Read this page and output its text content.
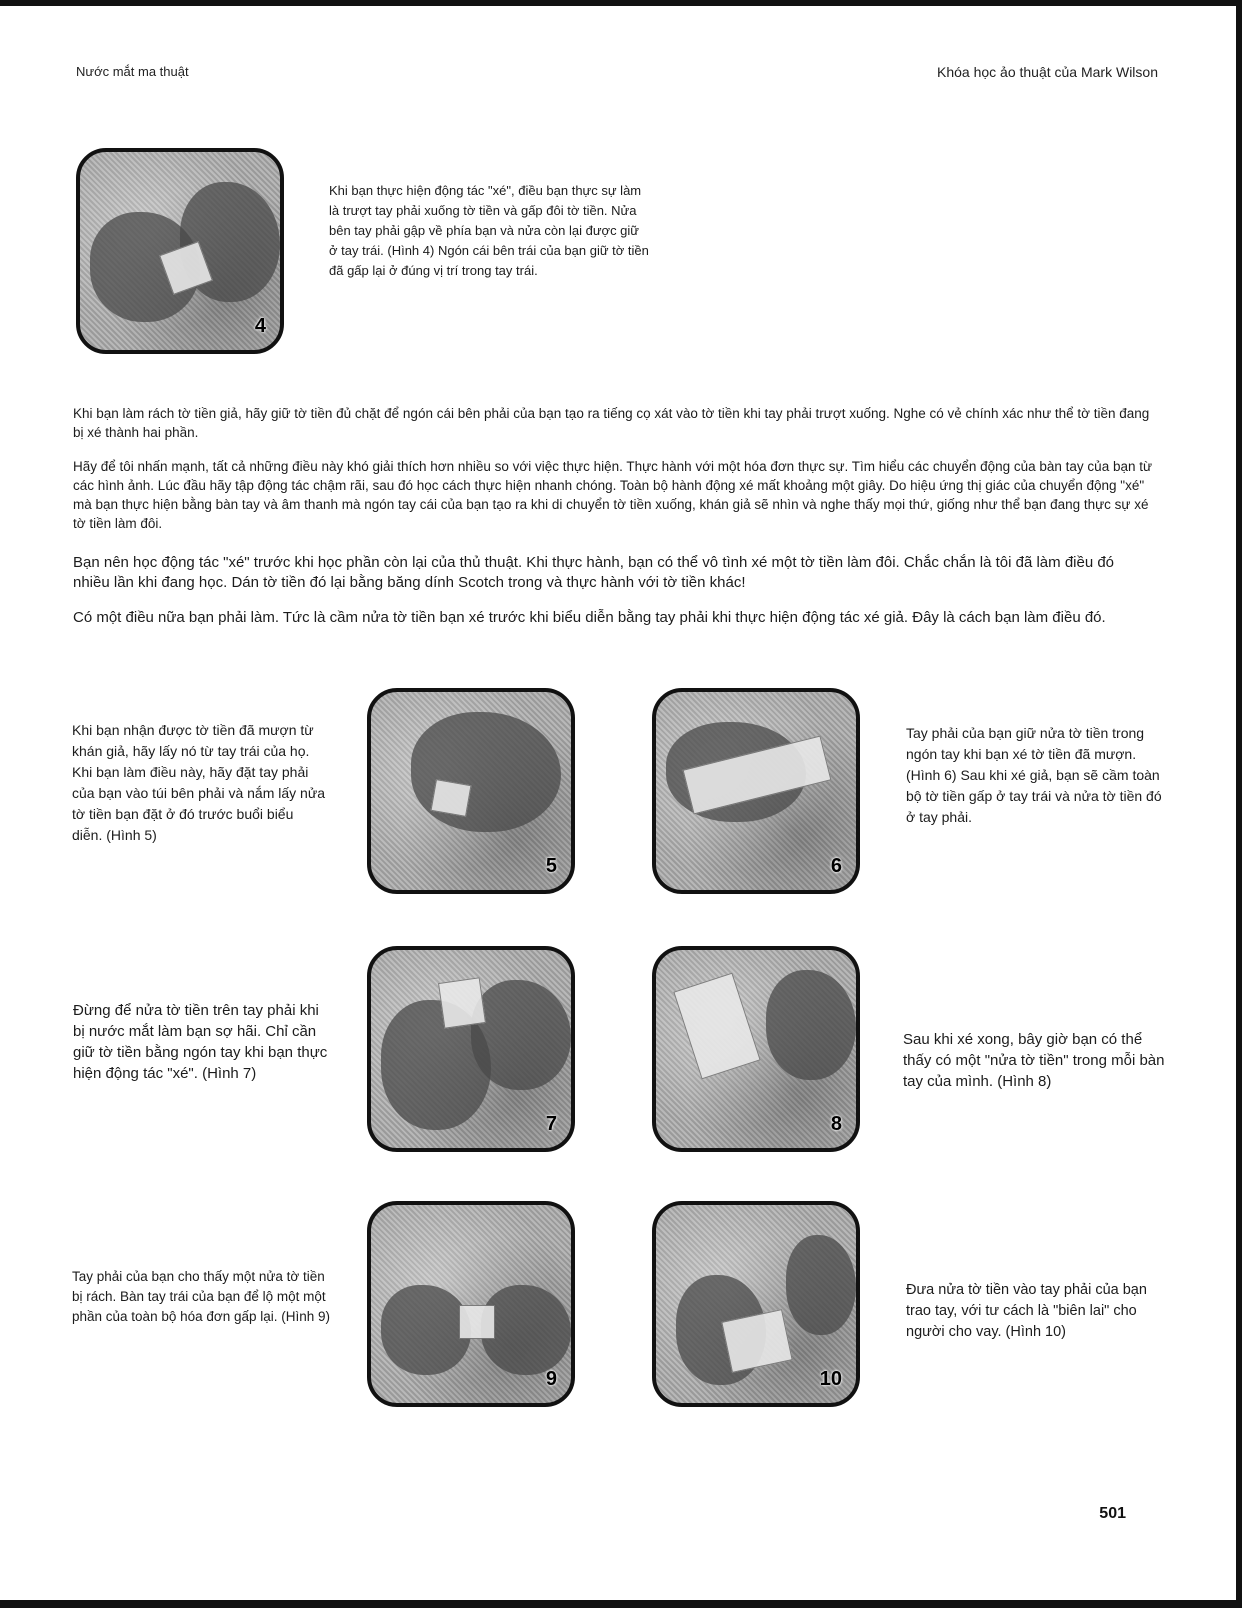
Nước mắt ma thuật	Khóa học ảo thuật của Mark Wilson
4

Khi bạn thực hiện động tác "xé", điều bạn thực sự làm là trượt tay phải xuống tờ tiền và gấp đôi tờ tiền. Nửa bên tay phải gập về phía bạn và nửa còn lại được giữ ở tay trái. (Hình 4) Ngón cái bên trái của bạn giữ tờ tiền đã gấp lại ở đúng vị trí trong tay trái.

Khi bạn làm rách tờ tiền giả, hãy giữ tờ tiền đủ chặt để ngón cái bên phải của bạn tạo ra tiếng cọ xát vào tờ tiền khi tay phải trượt xuống. Nghe có vẻ chính xác như thể tờ tiền đang bị xé thành hai phần.

Hãy để tôi nhấn mạnh, tất cả những điều này khó giải thích hơn nhiều so với việc thực hiện. Thực hành với một hóa đơn thực sự. Tìm hiểu các chuyển động của bàn tay của bạn từ các hình ảnh. Lúc đầu hãy tập động tác chậm rãi, sau đó học cách thực hiện nhanh chóng. Toàn bộ hành động xé mất khoảng một giây. Do hiệu ứng thị giác của chuyển động "xé" mà bạn thực hiện bằng bàn tay và âm thanh mà ngón tay cái của bạn tạo ra khi di chuyển tờ tiền xuống, khán giả sẽ nhìn và nghe thấy mọi thứ, giống như thể bạn đang thực sự xé tờ tiền làm đôi.

Bạn nên học động tác "xé" trước khi học phần còn lại của thủ thuật. Khi thực hành, bạn có thể vô tình xé một tờ tiền làm đôi. Chắc chắn là tôi đã làm điều đó nhiều lần khi đang học. Dán tờ tiền đó lại bằng băng dính Scotch trong và thực hành với tờ tiền khác!

Có một điều nữa bạn phải làm. Tức là cầm nửa tờ tiền bạn xé trước khi biểu diễn bằng tay phải khi thực hiện động tác xé giả. Đây là cách bạn làm điều đó.

Khi bạn nhận được tờ tiền đã mượn từ khán giả, hãy lấy nó từ tay trái của họ. Khi bạn làm điều này, hãy đặt tay phải của bạn vào túi bên phải và nắm lấy nửa tờ tiền bạn đặt ở đó trước buổi biểu diễn. (Hình 5)

5	6

Tay phải của bạn giữ nửa tờ tiền trong ngón tay khi bạn xé tờ tiền đã mượn. (Hình 6) Sau khi xé giả, bạn sẽ cầm toàn bộ tờ tiền gấp ở tay trái và nửa tờ tiền đó ở tay phải.

Đừng để nửa tờ tiền trên tay phải khi bị nước mắt làm bạn sợ hãi. Chỉ cần giữ tờ tiền bằng ngón tay khi bạn thực hiện động tác "xé". (Hình 7)

7	8

Sau khi xé xong, bây giờ bạn có thể thấy có một "nửa tờ tiền" trong mỗi bàn tay của mình. (Hình 8)

Tay phải của bạn cho thấy một nửa tờ tiền bị rách. Bàn tay trái của bạn để lộ một một phần của toàn bộ hóa đơn gấp lại. (Hình 9)

9	10

Đưa nửa tờ tiền vào tay phải của bạn trao tay, với tư cách là "biên lai" cho người cho vay. (Hình 10)

501
